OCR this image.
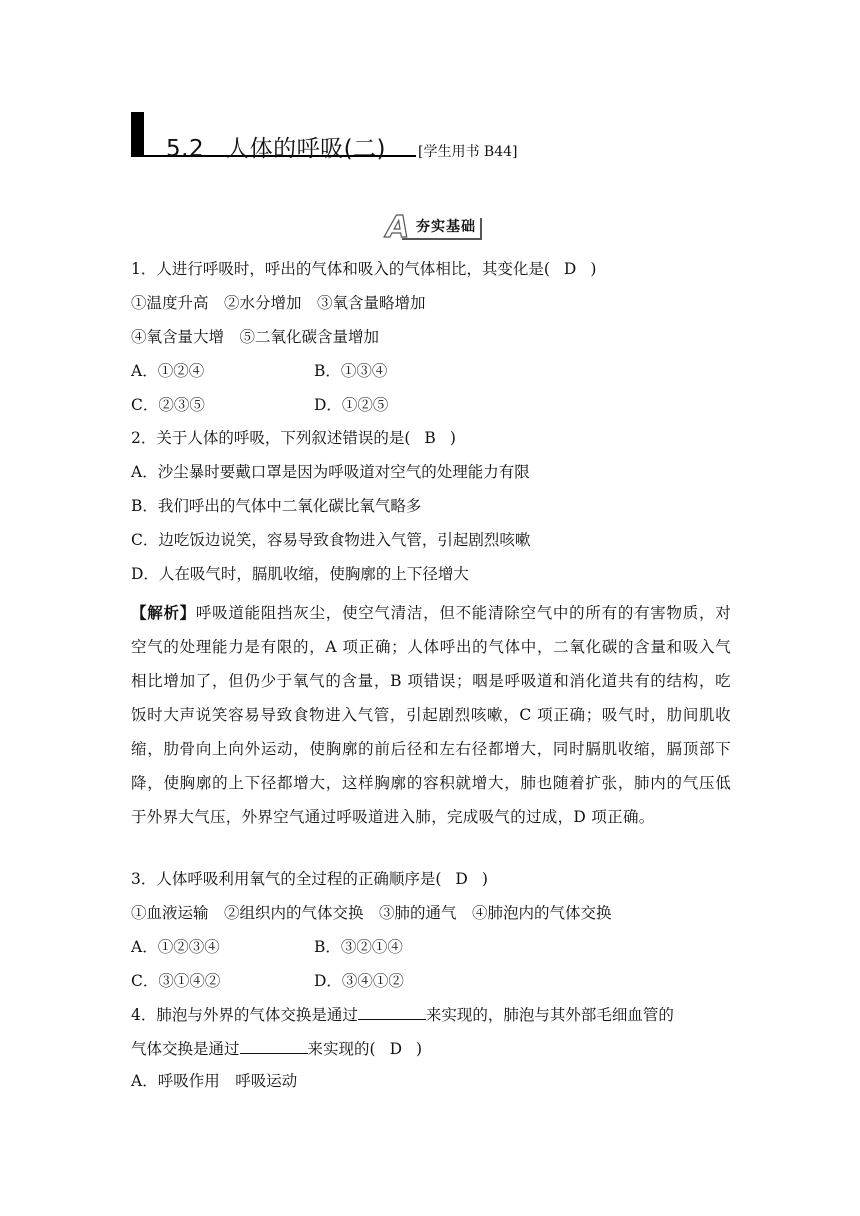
5.2 人体的呼吸(二) [学生用书 B44]
A 夯实基础
1．人进行呼吸时，呼出的气体和吸入的气体相比，其变化是( D )
①温度升高　②水分增加　③氧含量略增加
④氧含量大增　⑤二氧化碳含量增加
A．①②④	B．①③④
C．②③⑤	D．①②⑤
2．关于人体的呼吸，下列叙述错误的是( B )
A．沙尘暴时要戴口罩是因为呼吸道对空气的处理能力有限
B．我们呼出的气体中二氧化碳比氧气略多
C．边吃饭边说笑，容易导致食物进入气管，引起剧烈咳嗽
D．人在吸气时，膈肌收缩，使胸廓的上下径增大
【解析】呼吸道能阻挡灰尘，使空气清洁，但不能清除空气中的所有的有害物质，对空气的处理能力是有限的，A 项正确；人体呼出的气体中，二氧化碳的含量和吸入气相比增加了，但仍少于氧气的含量，B 项错误；咽是呼吸道和消化道共有的结构，吃饭时大声说笑容易导致食物进入气管，引起剧烈咳嗽，C 项正确；吸气时，肋间肌收缩，肋骨向上向外运动，使胸廓的前后径和左右径都增大，同时膈肌收缩，膈顶部下降，使胸廓的上下径都增大，这样胸廓的容积就增大，肺也随着扩张，肺内的气压低于外界大气压，外界空气通过呼吸道进入肺，完成吸气的过成，D 项正确。
3．人体呼吸利用氧气的全过程的正确顺序是( D )
①血液运输　②组织内的气体交换　③肺的通气　④肺泡内的气体交换
A．①②③④	B．③②①④
C．③①④②	D．③④①②
4．肺泡与外界的气体交换是通过	来实现的，肺泡与其外部毛细血管的
气体交换是通过	来实现的( D )
A．呼吸作用　呼吸运动
